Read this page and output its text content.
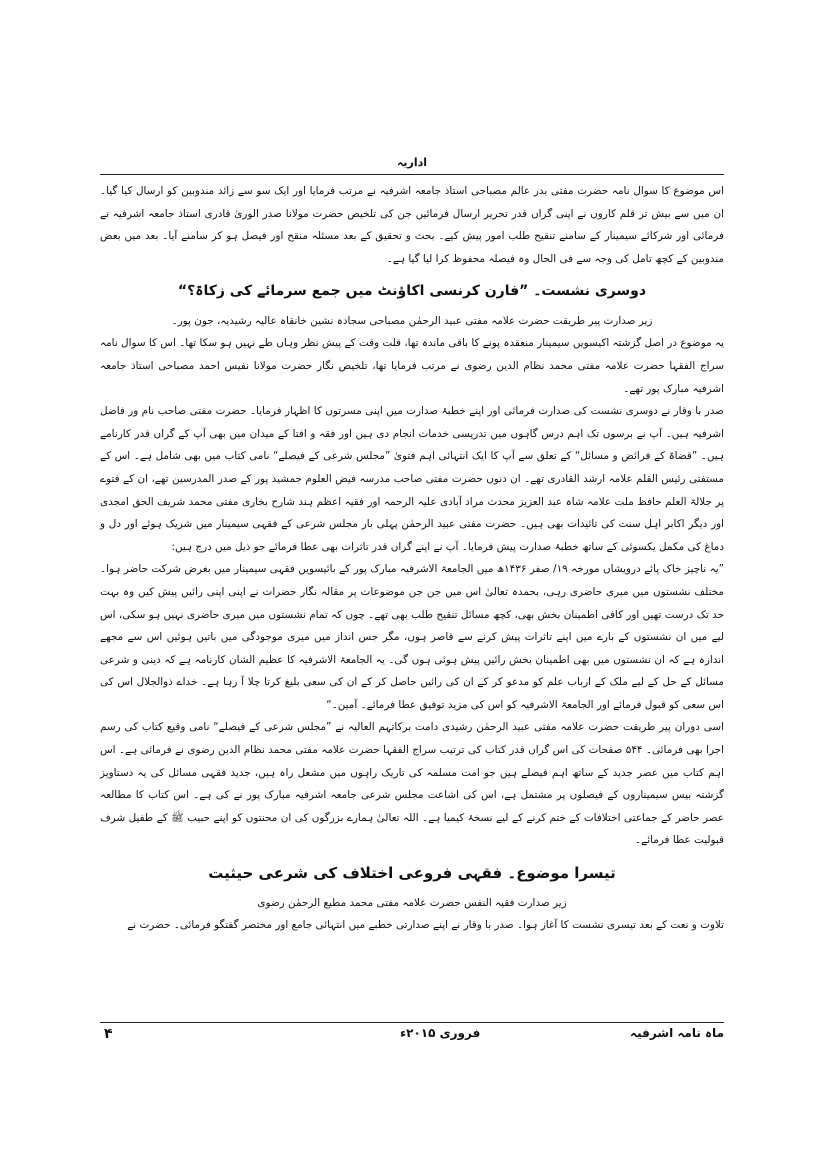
اداریہ

اس موضوع کا سوال نامہ حضرت مفتی بدر عالم مصباحی استاذ جامعہ اشرفیہ نے مرتب فرمایا اور ایک سو سے زائد مندوبین کو ارسال کیا گیا۔ ان میں سے بیش تر قلم کاروں نے اپنی گراں قدر تحریر ارسال فرمائیں جن کی تلخیص حضرت مولانا صدر الوریٰ قادری استاذ جامعہ اشرفیہ نے فرمائی اور شرکائے سیمینار کے سامنے تنقیح طلب امور پیش کیے۔ بحث و تحقیق کے بعد مسئلہ منقح اور فیصل ہو کر سامنے آیا۔ بعد میں بعض مندوبین کے کچھ تامل کی وجہ سے فی الحال وہ فیصلہ محفوظ کرا لیا گیا ہے۔

دوسری نشست۔ ”فارن کرنسی اکاؤنٹ میں جمع سرمائے کی زکاۃ؟“
زیر صدارت پیر طریقت حضرت علامہ مفتی عبید الرحمٰن مصباحی سجادہ نشین خانقاہ عالیہ رشیدیہ، جون پور۔

یہ موضوع در اصل گزشتہ اکیسویں سیمینار منعقدہ پونے کا باقی ماندہ تھا، قلت وقت کے پیش نظر وہاں طے نہیں ہو سکا تھا۔ اس کا سوال نامہ سراج الفقہا حضرت علامہ مفتی محمد نظام الدین رضوی نے مرتب فرمایا تھا، تلخیص نگار حضرت مولانا نفیس احمد مصباحی استاذ جامعہ اشرفیہ مبارک پور تھے۔

صدر با وقار نے دوسری نشست کی صدارت فرمائی اور اپنے خطبۂ صدارت میں اپنی مسرتوں کا اظہار فرمایا۔ حضرت مفتی صاحب نام ور فاضل اشرفیہ ہیں۔ آپ نے برسوں تک اہم درس گاہوں میں تدریسی خدمات انجام دی ہیں اور فقہ و افتا کے میدان میں بھی آپ کے گراں قدر کارنامے ہیں۔ ”قضاۃ کے فرائض و مسائل“ کے تعلق سے آپ کا ایک انتہائی اہم فتویٰ ”مجلس شرعی کے فیصلے“ نامی کتاب میں بھی شامل ہے۔ اس کے مستفتی رئیس القلم علامہ ارشد القادری تھے۔ ان دنوں حضرت مفتی صاحب مدرسہ فیض العلوم جمشید پور کے صدر المدرسین تھے، ان کے فتوے پر جلالۃ العلم حافظ ملت علامہ شاہ عبد العزیز محدث مراد آبادی علیہ الرحمہ اور فقیہ اعظم ہند شارح بخاری مفتی محمد شریف الحق امجدی اور دیگر اکابر اہل سنت کی تائیدات بھی ہیں۔ حضرت مفتی عبید الرحمٰن پہلی بار مجلس شرعی کے فقہی سیمینار میں شریک ہوئے اور دل و دماغ کی مکمل یکسوئی کے ساتھ خطبۂ صدارت پیش فرمایا۔ آپ نے اپنے گراں قدر تاثرات بھی عطا فرمائے جو ذیل میں درج ہیں:

”یہ ناچیز خاک پائے درویشاں مورخہ ۱۹/ صفر ۱۴۳۶ھ میں الجامعۃ الاشرفیہ مبارک پور کے بائیسویں فقہی سیمینار میں بغرض شرکت حاضر ہوا۔ مختلف نشستوں میں میری حاضری رہی، بحمدہ تعالیٰ اس میں جن جن موضوعات پر مقالہ نگار حضرات نے اپنی اپنی رائیں پیش کیں وہ بہت حد تک درست تھیں اور کافی اطمینان بخش بھی، کچھ مسائل تنقیح طلب بھی تھے۔ چوں کہ تمام نشستوں میں میری حاضری نہیں ہو سکی، اس لیے میں ان نشستوں کے بارے میں اپنے تاثرات پیش کرنے سے قاصر ہوں، مگر جس انداز میں میری موجودگی میں باتیں ہوئیں اس سے مجھے اندازہ ہے کہ ان نشستوں میں بھی اطمینان بخش رائیں پیش ہوئی ہوں گی۔ یہ الجامعۃ الاشرفیہ کا عظیم الشان کارنامہ ہے کہ دینی و شرعی مسائل کے حل کے لیے ملک کے ارباب علم کو مدعو کر کے ان کی رائیں حاصل کر کے ان کی سعی بلیغ کرتا چلا آ رہا ہے۔ خداے ذوالجلال اس کی اس سعی کو قبول فرمائے اور الجامعۃ الاشرفیہ کو اس کی مزید توفیق عطا فرمائے۔ آمین۔“

اسی دوران پیر طریقت حضرت علامہ مفتی عبید الرحمٰن رشیدی دامت برکاتہم العالیہ نے ”مجلس شرعی کے فیصلے“ نامی وقیع کتاب کی رسم اجرا بھی فرمائی۔ ۵۴۴ صفحات کی اس گراں قدر کتاب کی ترتیب سراج الفقہا حضرت علامہ مفتی محمد نظام الدین رضوی نے فرمائی ہے۔ اس اہم کتاب میں عصر جدید کے ساتھ اہم فیصلے ہیں جو امت مسلمہ کی تاریک راہوں میں مشعل راہ ہیں، جدید فقہی مسائل کی یہ دستاویز گزشتہ بیس سیمیناروں کے فیصلوں پر مشتمل ہے، اس کی اشاعت مجلس شرعی جامعہ اشرفیہ مبارک پور نے کی ہے۔ اس کتاب کا مطالعہ عصر حاضر کے جماعتی اختلافات کے ختم کرنے کے لیے نسخۂ کیمیا ہے۔ اللہ تعالیٰ ہمارے بزرگوں کی ان محنتوں کو اپنے حبیب ﷺ کے طفیل شرف قبولیت عطا فرمائے۔

تیسرا موضوع۔ فقہی فروعی اختلاف کی شرعی حیثیت
زیر صدارت فقیہ النفس حضرت علامہ مفتی محمد مطیع الرحمٰن رضوی

تلاوت و نعت کے بعد تیسری نشست کا آغاز ہوا۔ صدر با وقار نے اپنے صدارتی خطبے میں انتہائی جامع اور مختصر گفتگو فرمائی۔ حضرت نے

ماہ نامہ اشرفیہ
فروری ۲۰۱۵ء
۴
